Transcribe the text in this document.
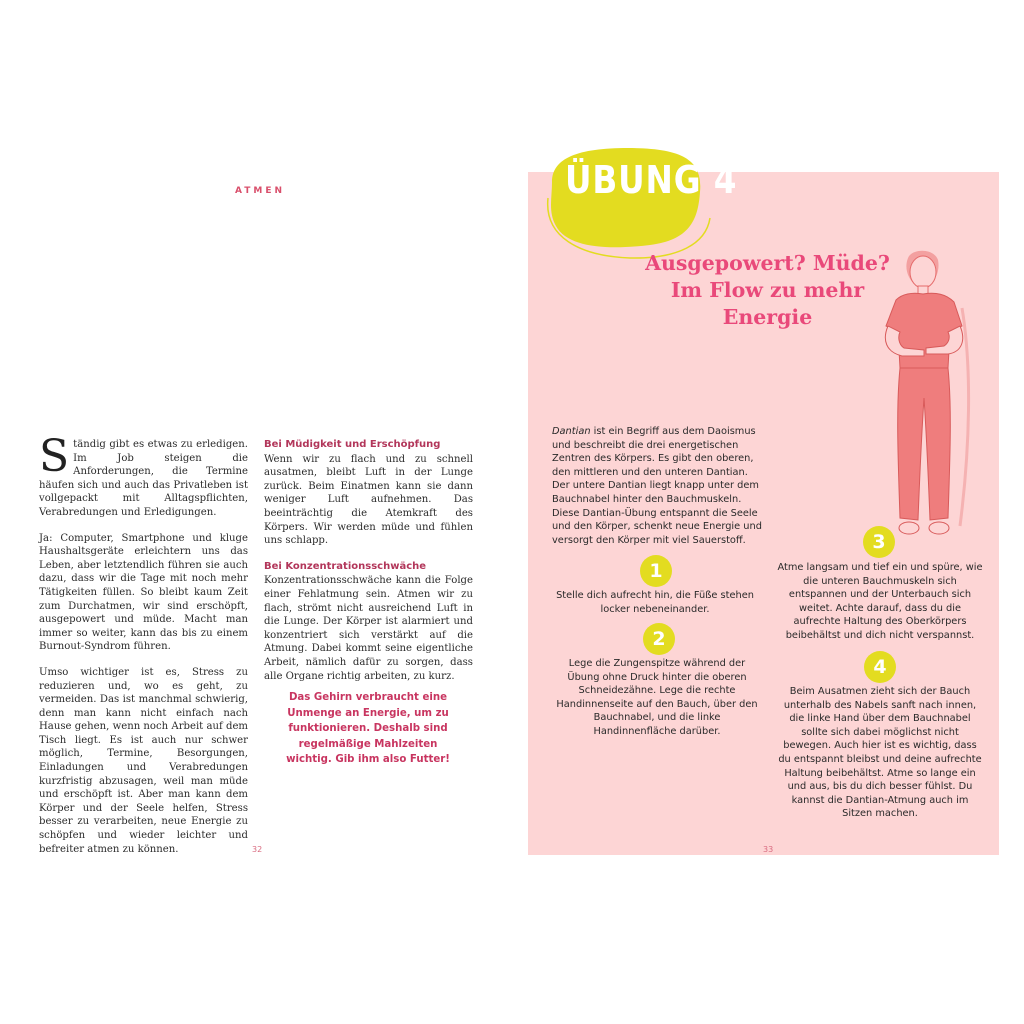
ATMEN

Ständig gibt es etwas zu erledigen. Im Job steigen die Anforderungen, die Termine häufen sich und auch das Privatleben ist vollgepackt mit Alltagspflichten, Verabredungen und Erledigungen.

Ja: Computer, Smartphone und kluge Haushaltsgeräte erleichtern uns das Leben, aber letztendlich führen sie auch dazu, dass wir die Tage mit noch mehr Tätigkeiten füllen. So bleibt kaum Zeit zum Durchatmen, wir sind erschöpft, ausgepowert und müde. Macht man immer so weiter, kann das bis zu einem Burnout-Syndrom führen.

Umso wichtiger ist es, Stress zu reduzieren und, wo es geht, zu vermeiden. Das ist manchmal schwierig, denn man kann nicht einfach nach Hause gehen, wenn noch Arbeit auf dem Tisch liegt. Es ist auch nur schwer möglich, Termine, Besorgungen, Einladungen und Verabredungen kurzfristig abzusagen, weil man müde und erschöpft ist. Aber man kann dem Körper und der Seele helfen, Stress besser zu verarbeiten, neue Energie zu schöpfen und wieder leichter und befreiter atmen zu können.

Bei Müdigkeit und Erschöpfung

Wenn wir zu flach und zu schnell ausatmen, bleibt Luft in der Lunge zurück. Beim Einatmen kann sie dann weniger Luft aufnehmen. Das beeinträchtig die Atemkraft des Körpers. Wir werden müde und fühlen uns schlapp.

Bei Konzentrationsschwäche

Konzentrationsschwäche kann die Folge einer Fehlatmung sein. Atmen wir zu flach, strömt nicht ausreichend Luft in die Lunge. Der Körper ist alarmiert und konzentriert sich verstärkt auf die Atmung. Dabei kommt seine eigentliche Arbeit, nämlich dafür zu sorgen, dass alle Organe richtig arbeiten, zu kurz.

Das Gehirn verbraucht eine Unmenge an Energie, um zu funktionieren. Deshalb sind regelmäßige Mahlzeiten wichtig. Gib ihm also Futter!
32
ÜBUNG 4
Ausgepowert? Müde? Im Flow zu mehr Energie
Dantian ist ein Begriff aus dem Daoismus und beschreibt die drei energetischen Zentren des Körpers. Es gibt den oberen, den mittleren und den unteren Dantian. Der untere Dantian liegt knapp unter dem Bauchnabel hinter den Bauchmuskeln. Diese Dantian-Übung entspannt die Seele und den Körper, schenkt neue Energie und versorgt den Körper mit viel Sauerstoff.
1
Stelle dich aufrecht hin, die Füße stehen locker nebeneinander.
2
Lege die Zungenspitze während der Übung ohne Druck hinter die oberen Schneidezähne. Lege die rechte Handinnenseite auf den Bauch, über den Bauchnabel, und die linke Handinnenfläche darüber.
3
Atme langsam und tief ein und spüre, wie die unteren Bauchmuskeln sich entspannen und der Unterbauch sich weitet. Achte darauf, dass du die aufrechte Haltung des Oberkörpers beibehältst und dich nicht verspannst.
4
Beim Ausatmen zieht sich der Bauch unterhalb des Nabels sanft nach innen, die linke Hand über dem Bauchnabel sollte sich dabei möglichst nicht bewegen. Auch hier ist es wichtig, dass du entspannt bleibst und deine aufrechte Haltung beibehältst. Atme so lange ein und aus, bis du dich besser fühlst. Du kannst die Dantian-Atmung auch im Sitzen machen.
33
